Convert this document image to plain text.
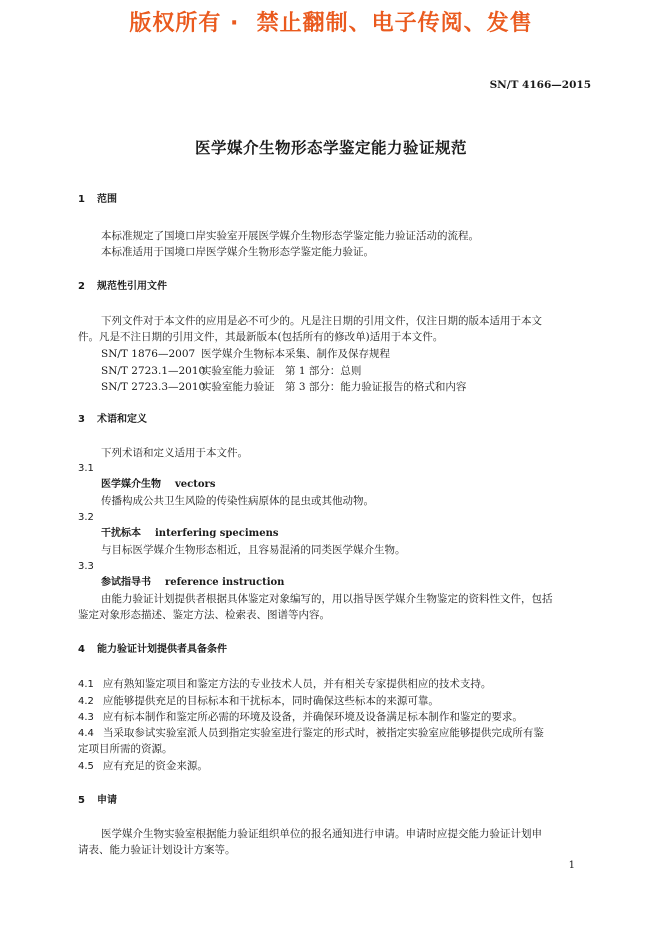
版权所有 ·  禁止翻制、电子传阅、发售
SN/T 4166—2015
医学媒介生物形态学鉴定能力验证规范
1 范围
本标准规定了国境口岸实验室开展医学媒介生物形态学鉴定能力验证活动的流程。
本标准适用于国境口岸医学媒介生物形态学鉴定能力验证。
2 规范性引用文件
下列文件对于本文件的应用是必不可少的。凡是注日期的引用文件，仅注日期的版本适用于本文
件。凡是不注日期的引用文件，其最新版本(包括所有的修改单)适用于本文件。
SN/T 1876—2007 医学媒介生物标本采集、制作及保存规程
SN/T 2723.1—2010实验室能力验证　第 1 部分：总则
SN/T 2723.3—2010实验室能力验证　第 3 部分：能力验证报告的格式和内容
3 术语和定义
下列术语和定义适用于本文件。
3.1
医学媒介生物 vectors
传播构成公共卫生风险的传染性病原体的昆虫或其他动物。
3.2
干扰标本 interfering specimens
与目标医学媒介生物形态相近，且容易混淆的同类医学媒介生物。
3.3
参试指导书 reference instruction
由能力验证计划提供者根据具体鉴定对象编写的，用以指导医学媒介生物鉴定的资料性文件，包括
鉴定对象形态描述、鉴定方法、检索表、图谱等内容。
4 能力验证计划提供者具备条件
4.1 应有熟知鉴定项目和鉴定方法的专业技术人员，并有相关专家提供相应的技术支持。
4.2 应能够提供充足的目标标本和干扰标本，同时确保这些标本的来源可靠。
4.3 应有标本制作和鉴定所必需的环境及设备，并确保环境及设备满足标本制作和鉴定的要求。
4.4 当采取参试实验室派人员到指定实验室进行鉴定的形式时，被指定实验室应能够提供完成所有鉴
定项目所需的资源。
4.5 应有充足的资金来源。
5 申请
医学媒介生物实验室根据能力验证组织单位的报名通知进行申请。申请时应提交能力验证计划申
请表、能力验证计划设计方案等。
1
